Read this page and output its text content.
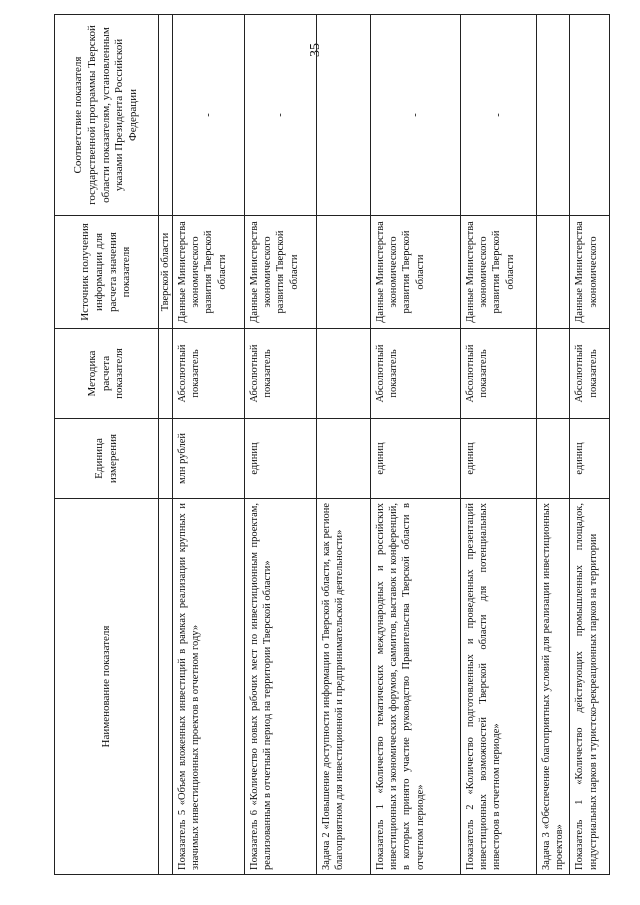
35
Наименование показателя	Единица измерения	Методика расчета показателя	Источник получения информации для расчета значения показателя	Соответствие показателя государственной программы Тверской области показателям, установленным указами Президента Российской Федерации
			Тверской области	
Показатель 5 «Объем вложенных инвестиций в рамках реализации крупных и значимых инвестиционных проектов в отчетном году»	млн рублей	Абсолютный показатель	Данные Министерства экономического развития Тверской области	-
Показатель 6 «Количество новых рабочих мест по инвестиционным проектам, реализованным в отчетный период на территории Тверской области»	единиц	Абсолютный показатель	Данные Министерства экономического развития Тверской области	-
Задача 2 «Повышение доступности информации о Тверской области, как регионе благоприятном для инвестиционной и предпринимательской деятельности»				
Показатель 1 «Количество тематических международных и российских инвестиционных и экономических форумов, саммитов, выставок и конференций, в которых принято участие руководство Правительства Тверской области в отчетном периоде»	единиц	Абсолютный показатель	Данные Министерства экономического развития Тверской области	-
Показатель 2 «Количество подготовленных и проведенных презентаций инвестиционных возможностей Тверской области для потенциальных инвесторов в отчетном периоде»	единиц	Абсолютный показатель	Данные Министерства экономического развития Тверской области	-
Задача 3 «Обеспечение благоприятных условий для реализации инвестиционных проектов»				
Показатель 1 «Количество действующих промышленных площадок, индустриальных парков и туристско-рекреационных парков на территории	единиц	Абсолютный показатель	Данные Министерства экономического	
